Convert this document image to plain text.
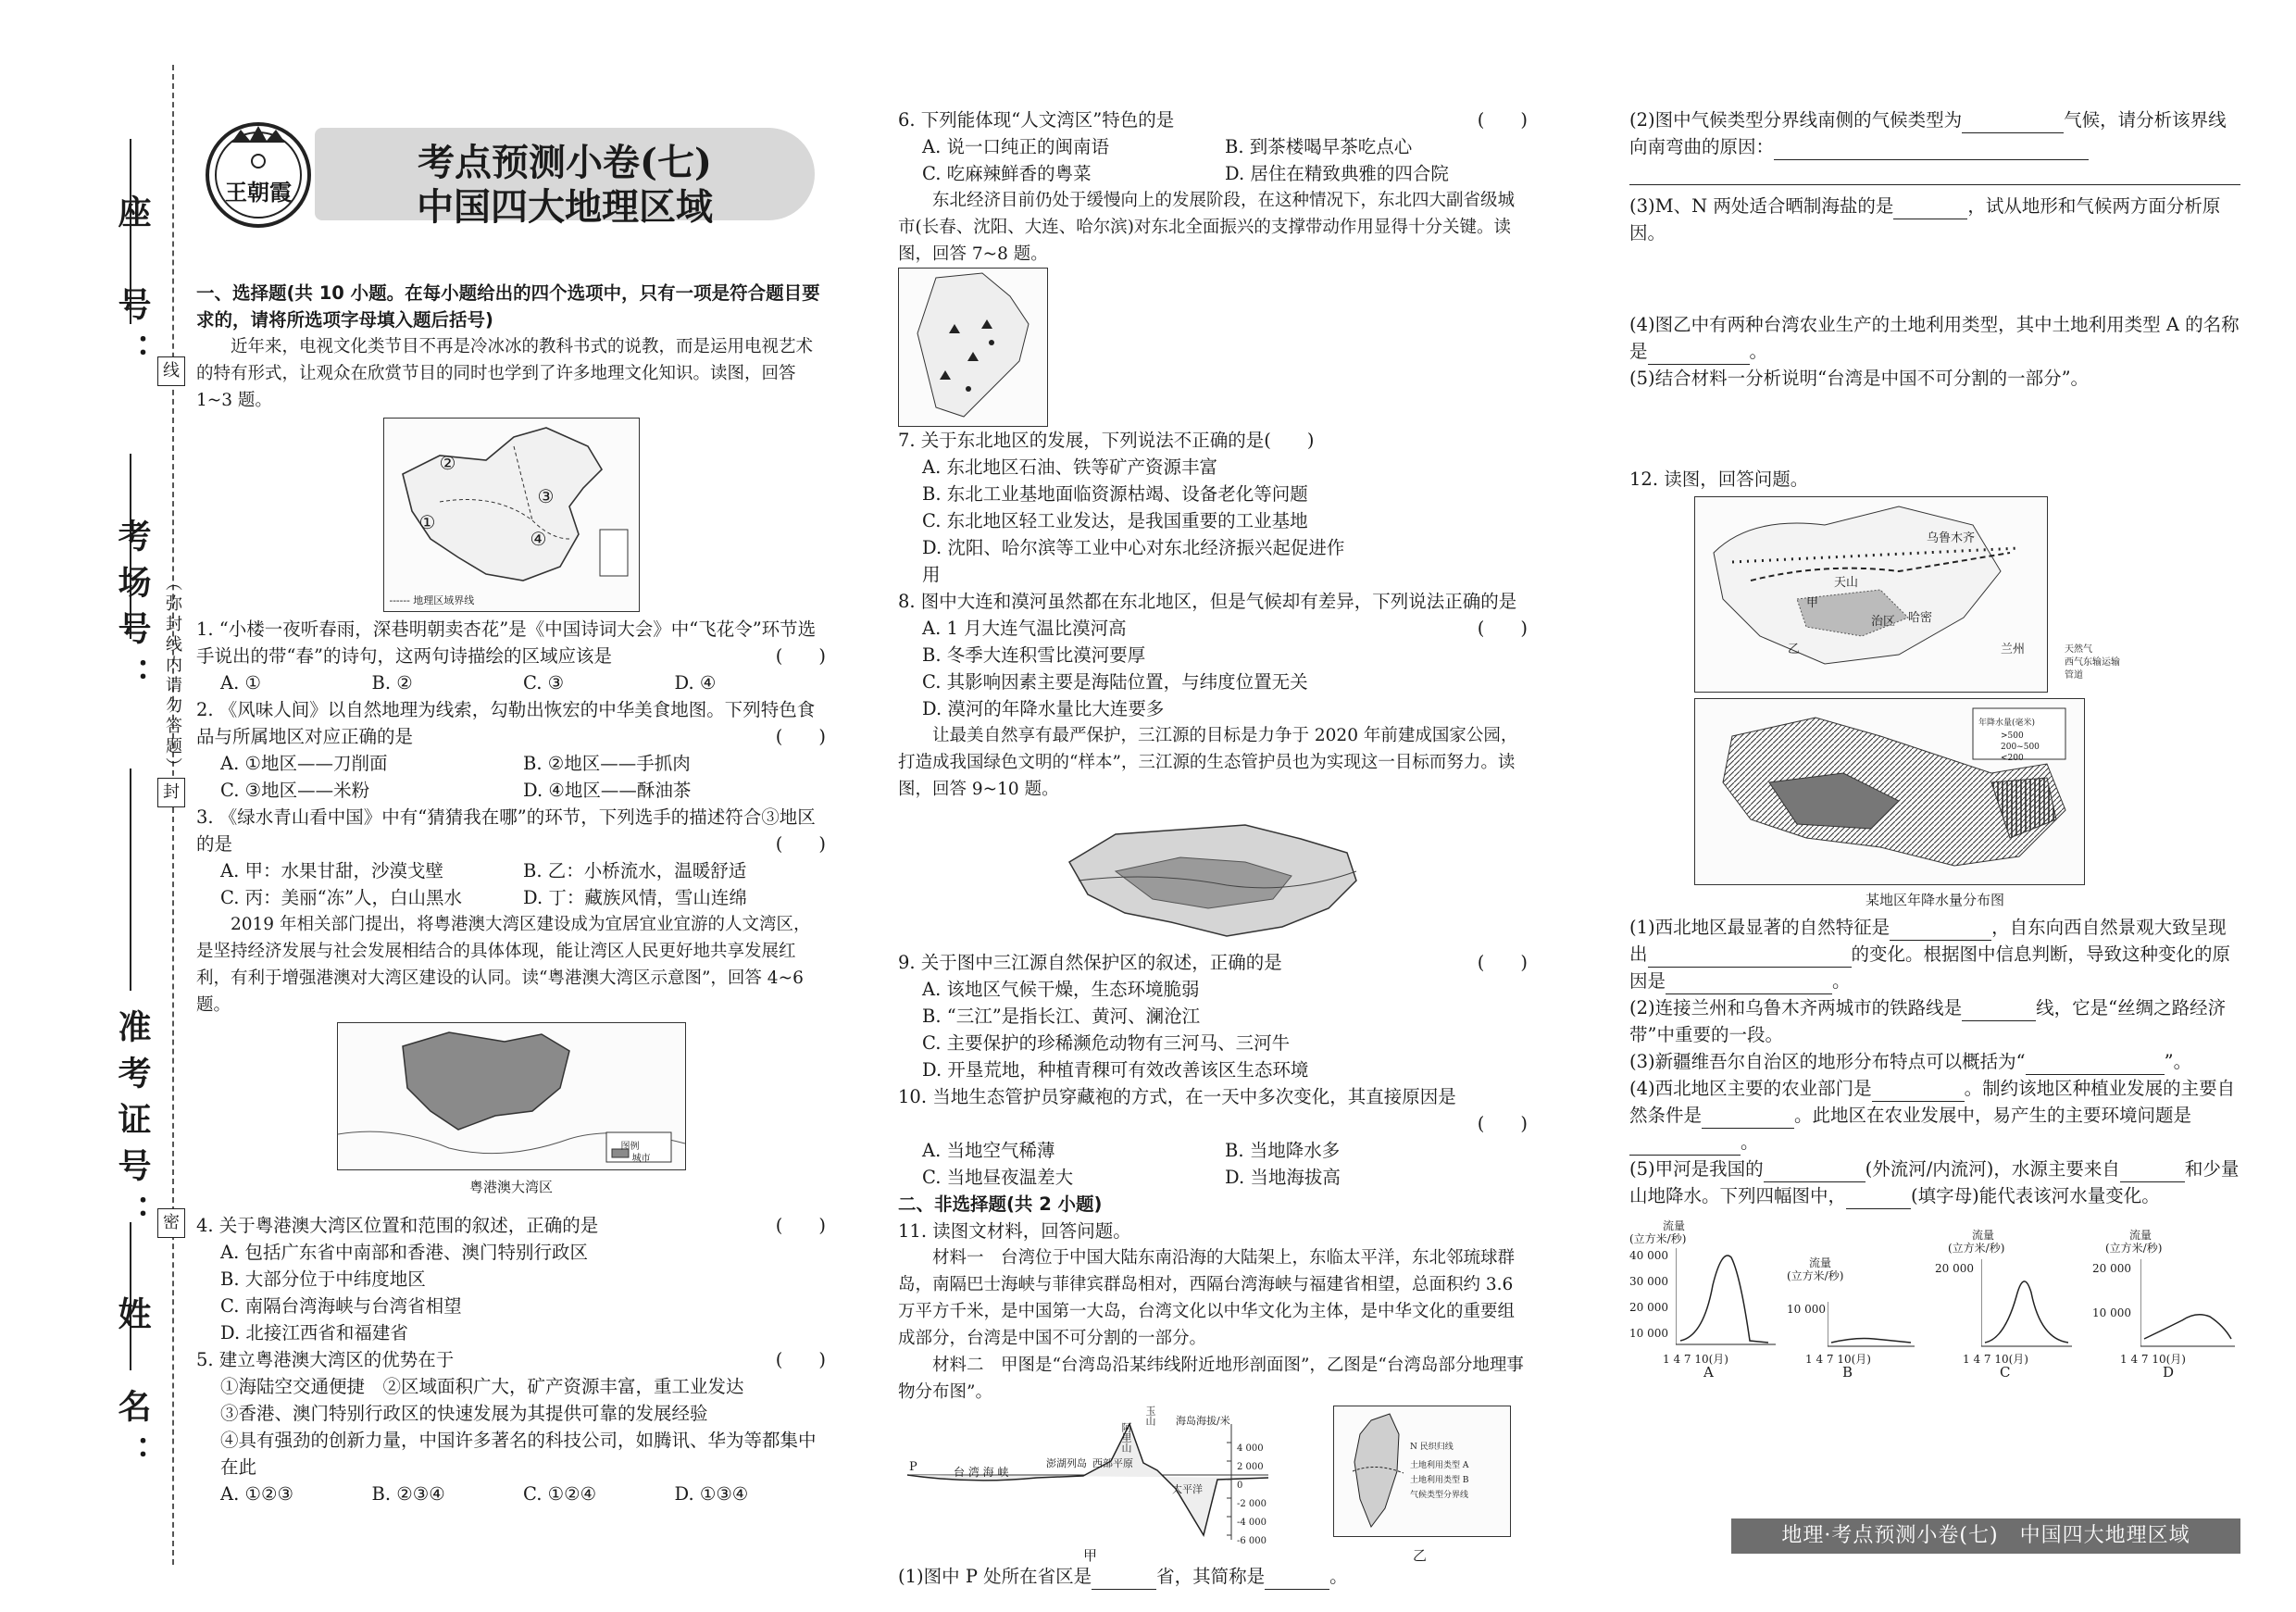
座　号：
考场号：
准考证号：
姓　名：
线
封
密
（弥封线内请勿答题）
王朝霞
考点预测小卷(七)
中国四大地理区域

一、选择题(共 10 小题。在每小题给出的四个选项中，只有一项是符合题目要求的，请将所选项字母填入题后括号)

近年来，电视文化类节目不再是冷冰冰的教科书式的说教，而是运用电视艺术的特有形式，让观众在欣赏节目的同时也学到了许多地理文化知识。读图，回答 1~3 题。

②
①
③
④
------ 地理区域界线

1. “小楼一夜听春雨，深巷明朝卖杏花”是《中国诗词大会》中“飞花令”环节选手说出的带“春”的诗句，这两句诗描绘的区域应该是	(　　)

A. ①	B. ②	C. ③	D. ④

2. 《风味人间》以自然地理为线索，勾勒出恢宏的中华美食地图。下列特色食品与所属地区对应正确的是	(　　)

A. ①地区——刀削面	B. ②地区——手抓肉
C. ③地区——米粉	D. ④地区——酥油茶

3. 《绿水青山看中国》中有“猜猜我在哪”的环节，下列选手的描述符合③地区的是	(　　)

A. 甲：水果甘甜，沙漠戈壁	B. 乙：小桥流水，温暖舒适
C. 丙：美丽“冻”人，白山黑水	D. 丁：藏族风情，雪山连绵

2019 年相关部门提出，将粤港澳大湾区建设成为宜居宜业宜游的人文湾区，是坚持经济发展与社会发展相结合的具体体现，能让湾区人民更好地共享发展红利，有利于增强港澳对大湾区建设的认同。读“粤港澳大湾区示意图”，回答 4~6 题。

图例
城市

粤港澳大湾区

4. 关于粤港澳大湾区位置和范围的叙述，正确的是	(　　)

A. 包括广东省中南部和香港、澳门特别行政区
B. 大部分位于中纬度地区
C. 南隔台湾海峡与台湾省相望
D. 北接江西省和福建省

5. 建立粤港澳大湾区的优势在于	(　　)

①海陆空交通便捷　②区域面积广大，矿产资源丰富，重工业发达
③香港、澳门特别行政区的快速发展为其提供可靠的发展经验
④具有强劲的创新力量，中国许多著名的科技公司，如腾讯、华为等都集中在此
A. ①②③	B. ②③④	C. ①②④	D. ①③④

6. 下列能体现“人文湾区”特色的是	(　　)

A. 说一口纯正的闽南语	B. 到茶楼喝早茶吃点心
C. 吃麻辣鲜香的粤菜	D. 居住在精致典雅的四合院

东北经济目前仍处于缓慢向上的发展阶段，在这种情况下，东北四大副省级城市(长春、沈阳、大连、哈尔滨)对东北全面振兴的支撑带动作用显得十分关键。读图，回答 7~8 题。

7. 关于东北地区的发展，下列说法不正确的是(　　)

A. 东北地区石油、铁等矿产资源丰富
B. 东北工业基地面临资源枯竭、设备老化等问题
C. 东北地区轻工业发达，是我国重要的工业基地
D. 沈阳、哈尔滨等工业中心对东北经济振兴起促进作用

8. 图中大连和漠河虽然都在东北地区，但是气候却有差异，下列说法正确的是
(　　)

A. 1 月大连气温比漠河高
B. 冬季大连积雪比漠河要厚
C. 其影响因素主要是海陆位置，与纬度位置无关
D. 漠河的年降水量比大连要多

让最美自然享有最严保护，三江源的目标是力争于 2020 年前建成国家公园，打造成我国绿色文明的“样本”，三江源的生态管护员也为实现这一目标而努力。读图，回答 9~10 题。

9. 关于图中三江源自然保护区的叙述，正确的是	(　　)

A. 该地区气候干燥，生态环境脆弱
B. “三江”是指长江、黄河、澜沧江
C. 主要保护的珍稀濒危动物有三河马、三河牛
D. 开垦荒地，种植青稞可有效改善该区生态环境

10. 当地生态管护员穿藏袍的方式，在一天中多次变化，其直接原因是

(　　)
A. 当地空气稀薄	B. 当地降水多
C. 当地昼夜温差大	D. 当地海拔高

二、非选择题(共 2 小题)

11. 读图文材料，回答问题。

材料一　台湾位于中国大陆东南沿海的大陆架上，东临太平洋，东北邻琉球群岛，南隔巴士海峡与菲律宾群岛相对，西隔台湾海峡与福建省相望，总面积约 3.6 万平方千米，是中国第一大岛，台湾文化以中华文化为主体，是中华文化的重要组成部分，台湾是中国不可分割的一部分。

材料二　甲图是“台湾岛沿某纬线附近地形剖面图”，乙图是“台湾岛部分地理事物分布图”。

P	台 湾 海 峡
澎湖列岛 西部平原
阿里山
玉山
太平洋
海岛海拔/米
4 000
2 000
0
-2 000
-4 000
-6 000
甲
N 民织归线
土地利用类型 A
土地利用类型 B
气候类型分界线
乙

(1)图中 P 处所在省区是	省，其简称是	。

(2)图中气候类型分界线南侧的气候类型为	气候，请分析该界线向南弯曲的原因：

(3)M、N 两处适合晒制海盐的是	，试从地形和气候两方面分析原因。

(4)图乙中有两种台湾农业生产的土地利用类型，其中土地利用类型 A 的名称是	。

(5)结合材料一分析说明“台湾是中国不可分割的一部分”。

12. 读图，回答问题。

乌鲁木齐
兰州
天山
甲
乙
哈密
治区
天然气
西气东输运输管道
年降水量(毫米)
>500
200~500
<200

某地区年降水量分布图

(1)西北地区最显著的自然特征是	，自东向西自然景观大致呈现出	的变化。根据图中信息判断，导致这种变化的原因是	。

(2)连接兰州和乌鲁木齐两城市的铁路线是	线，它是“丝绸之路经济带”中重要的一段。

(3)新疆维吾尔自治区的地形分布特点可以概括为“	”。

(4)西北地区主要的农业部门是	。制约该地区种植业发展的主要自然条件是	。此地区在农业发展中，易产生的主要环境问题是。

(5)甲河是我国的	(外流河/内流河)，水源主要来自	和少量山地降水。下列四幅图中，	(填字母)能代表该河水量变化。

流量
(立方米/秒)
40 000
30 000
20 000
10 000
1 4 7 10(月)
A
流量
(立方米/秒)
10 000
1 4 7 10(月)
B
流量
(立方米/秒)
20 000
1 4 7 10(月)
C
流量
(立方米/秒)
20 000
10 000
1 4 7 10(月)
D
地理·考点预测小卷(七)　中国四大地理区域
